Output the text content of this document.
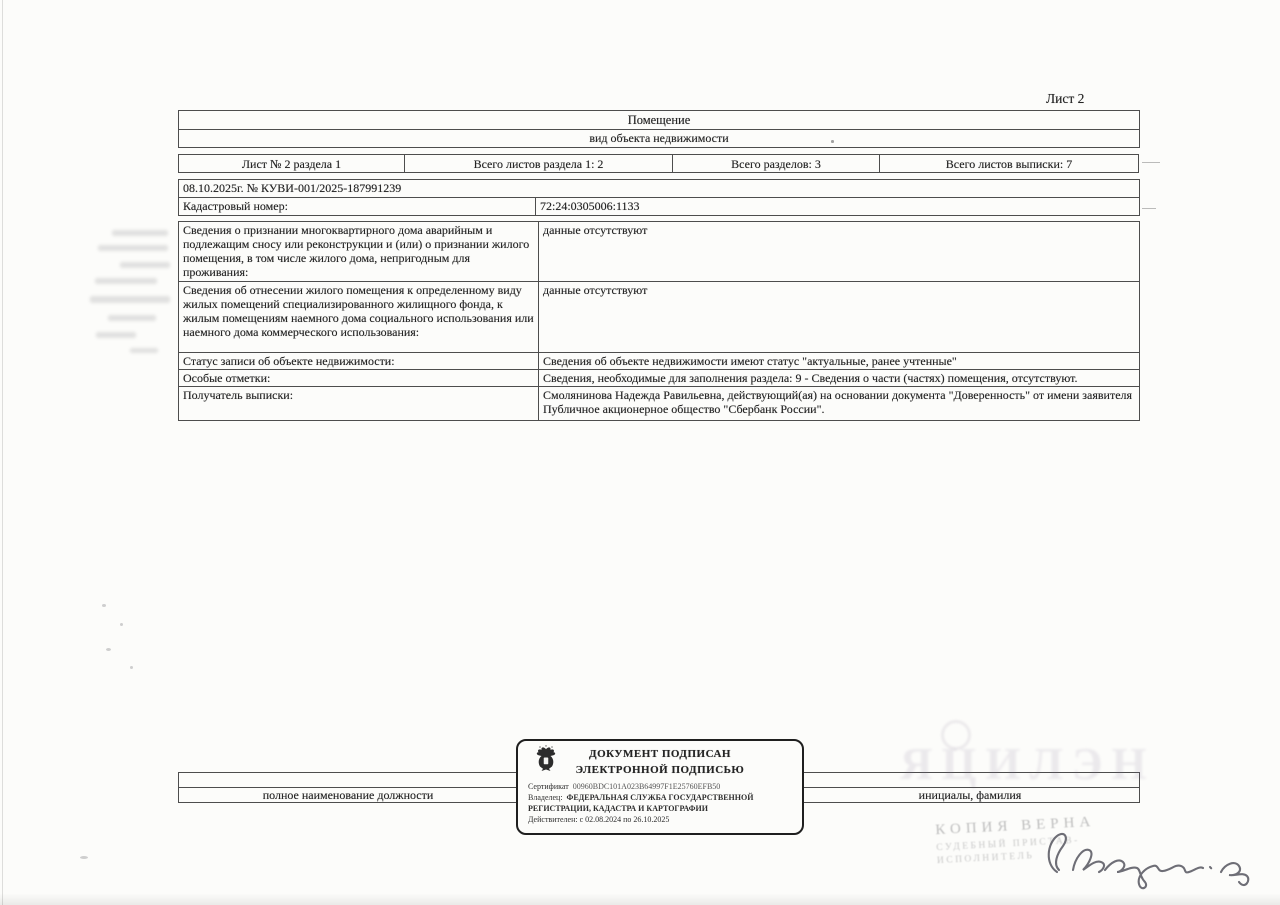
Лист 2
Помещение
вид объекта недвижимости
Лист № 2 раздела 1	Всего листов раздела 1: 2	Всего разделов: 3	Всего листов выписки: 7
08.10.2025г. № КУВИ-001/2025-187991239
Кадастровый номер:	72:24:0305006:1133
Сведения о признании многоквартирного дома аварийным и подлежащим сносу или реконструкции и (или) о признании жилого помещения, в том числе жилого дома, непригодным для проживания:
данные отсутствуют
Сведения об отнесении жилого помещения к определенному виду жилых помещений специализированного жилищного фонда, к жилым помещениям наемного дома социального использования или наемного дома коммерческого использования:
данные отсутствуют
Статус записи об объекте недвижимости:	Сведения об объекте недвижимости имеют статус "актуальные, ранее учтенные"
Особые отметки:	Сведения, необходимые для заполнения раздела: 9 - Сведения о части (частях) помещения, отсутствуют.
Получатель выписки:	Смолянинова Надежда Равильевна, действующий(ая) на основании документа "Доверенность" от имени заявителя Публичное акционерное общество "Сбербанк России".
ЯЦИЛЭН
полное наименование должности	инициалы, фамилия
ДОКУМЕНТ ПОДПИСАН
ЭЛЕКТРОННОЙ ПОДПИСЬЮ
Сертификат 00960BDC101A023B64997F1E25760EFB50
Владелец: ФЕДЕРАЛЬНАЯ СЛУЖБА ГОСУДАРСТВЕННОЙ
РЕГИСТРАЦИИ, КАДАСТРА И КАРТОГРАФИИ
Действителен: с 02.08.2024 по 26.10.2025	КОПИЯ ВЕРНА
СУДЕБНЫЙ ПРИСТАВ-
ИСПОЛНИТЕЛЬ
